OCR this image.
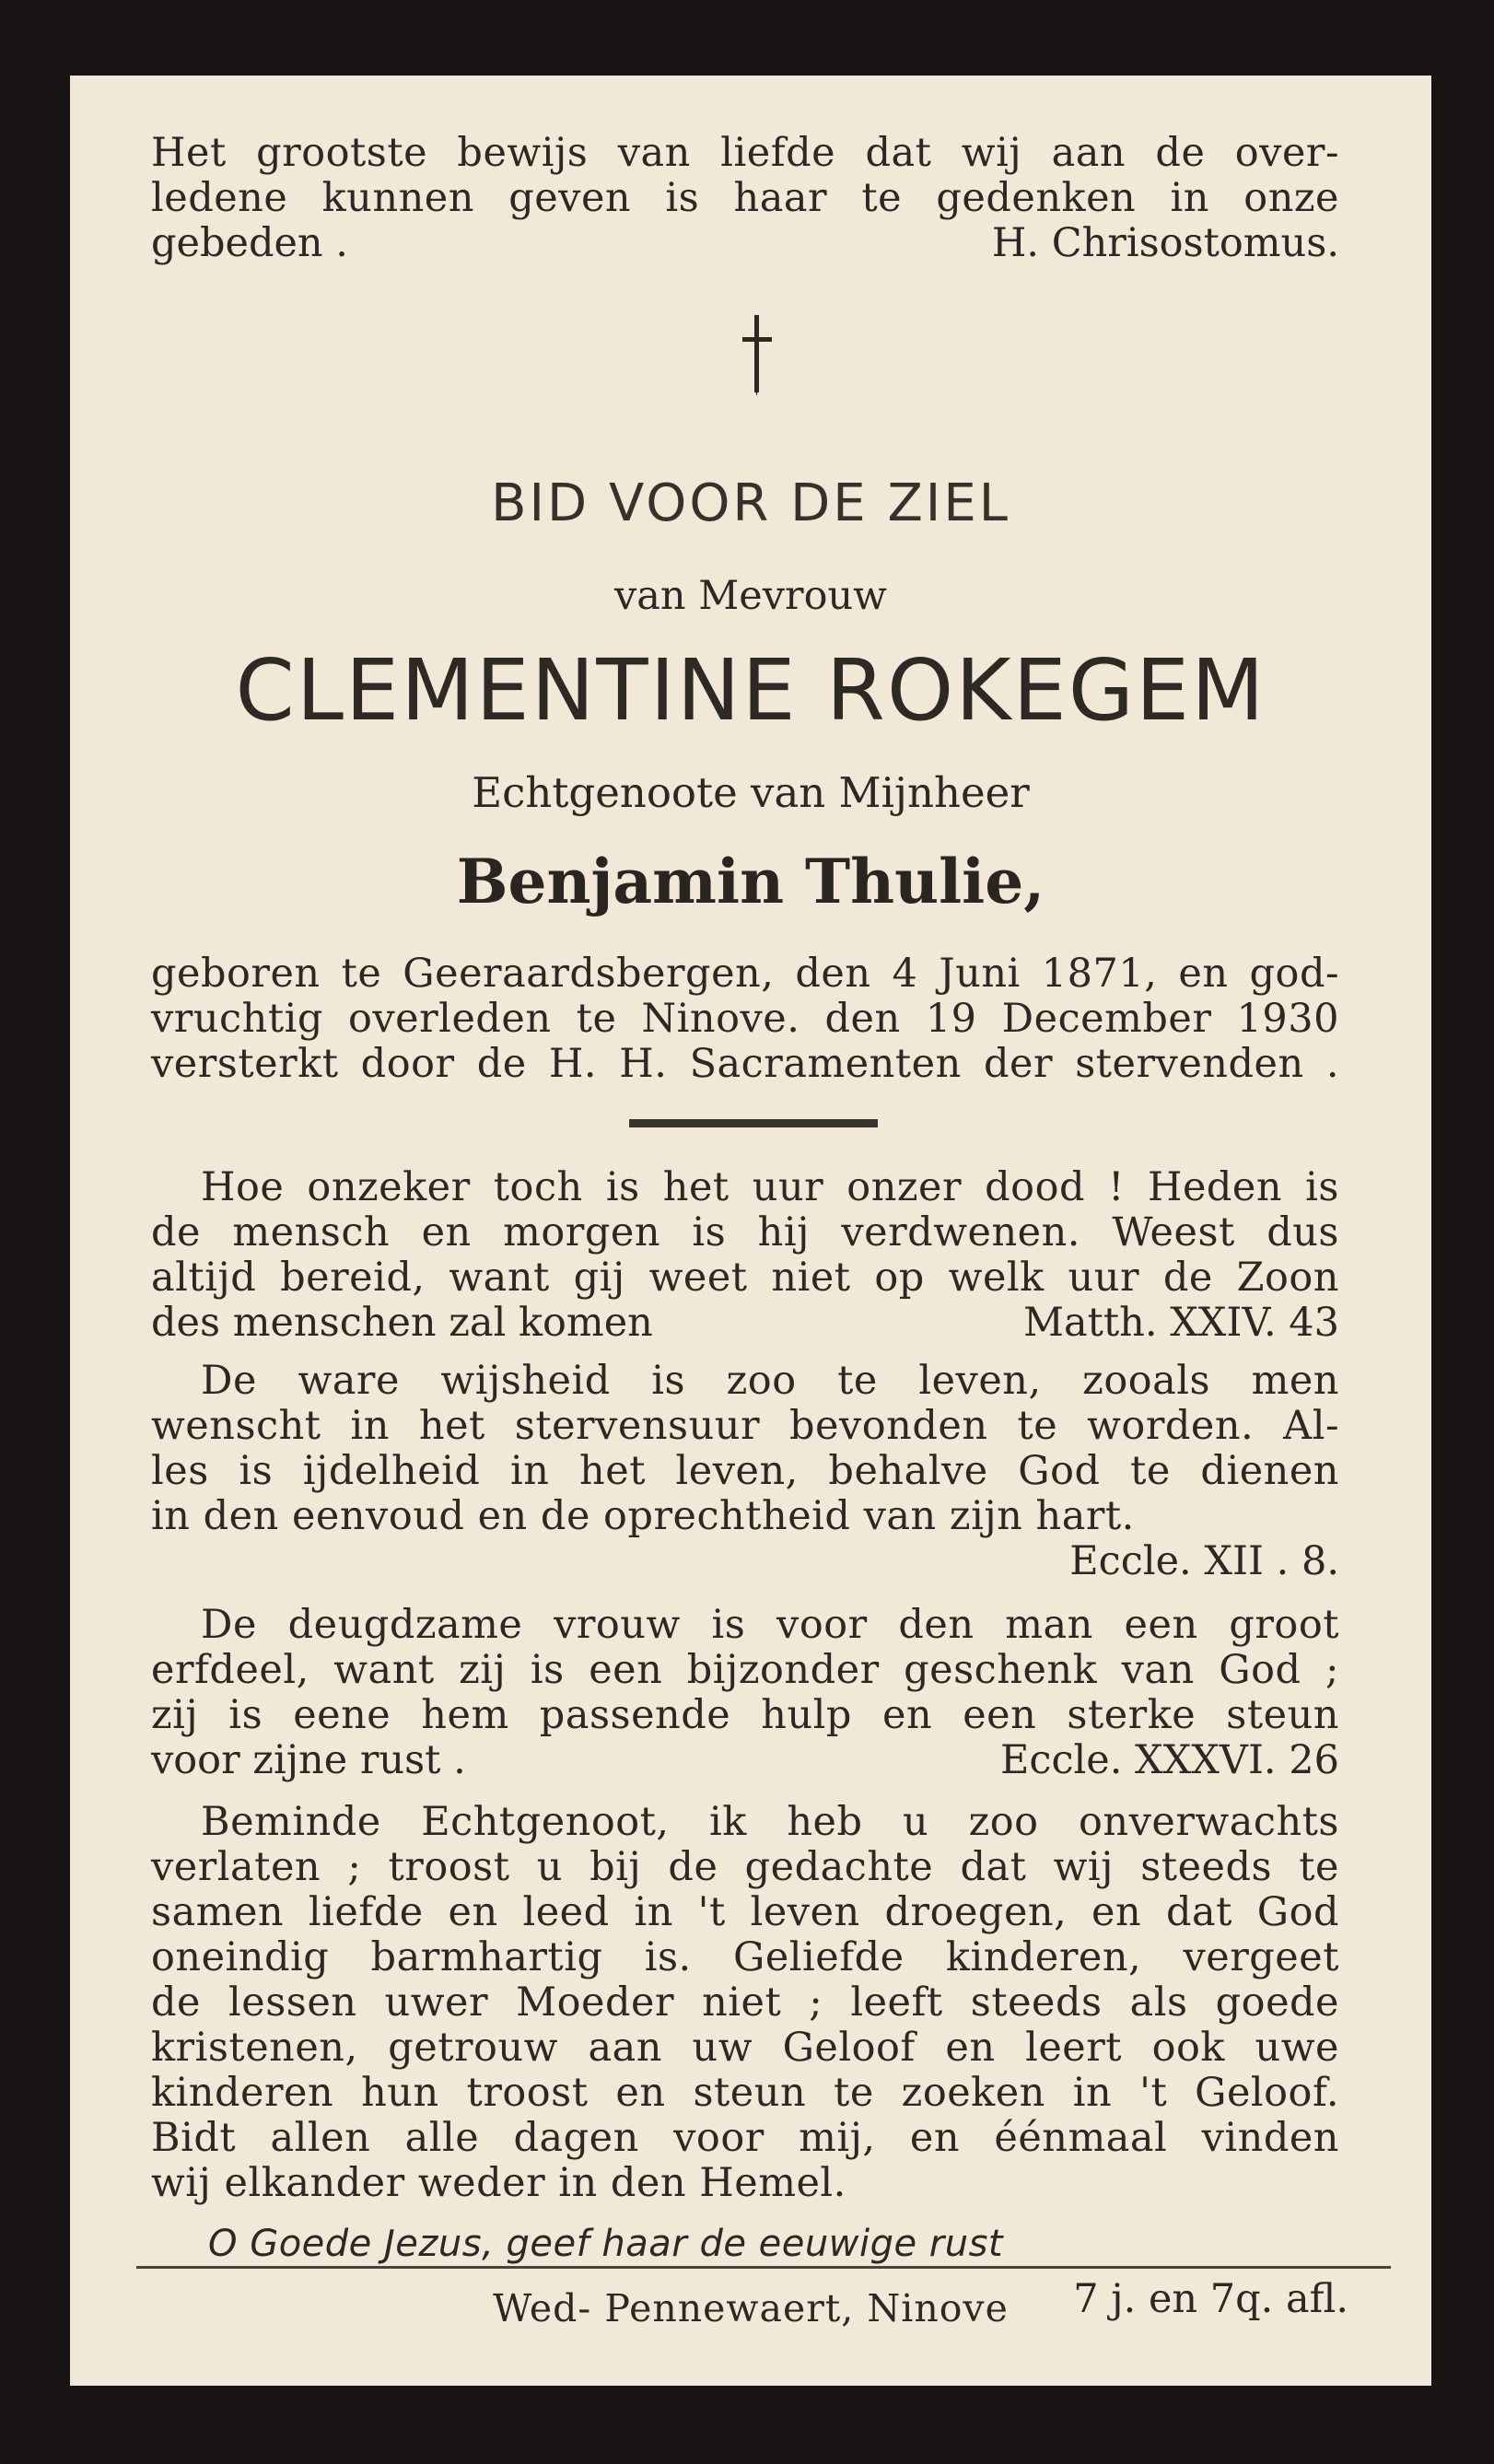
Het grootste bewijs van liefde dat wij aan de over-
ledene kunnen geven is haar te gedenken in onze
gebeden .	H. Chrisostomus.
BID VOOR DE ZIEL
van Mevrouw
CLEMENTINE ROKEGEM
Echtgenoote van Mijnheer
Benjamin Thulie,
geboren te Geeraardsbergen, den 4 Juni 1871, en god-
vruchtig overleden te Ninove. den 19 December 1930
versterkt door de H. H. Sacramenten der stervenden .
Hoe onzeker toch is het uur onzer dood ! Heden is
de mensch en morgen is hij verdwenen. Weest dus
altijd bereid, want gij weet niet op welk uur de Zoon
des menschen zal komen	Matth. XXIV. 43
De ware wijsheid is zoo te leven, zooals men
wenscht in het stervensuur bevonden te worden. Al-
les is ijdelheid in het leven, behalve God te dienen
in den eenvoud en de oprechtheid van zijn hart.
Eccle. XII . 8.
De deugdzame vrouw is voor den man een groot
erfdeel, want zij is een bijzonder geschenk van God ;
zij is eene hem passende hulp en een sterke steun
voor zijne rust .	Eccle. XXXVI. 26
Beminde Echtgenoot, ik heb u zoo onverwachts
verlaten ; troost u bij de gedachte dat wij steeds te
samen liefde en leed in 't leven droegen, en dat God
oneindig barmhartig is. Geliefde kinderen, vergeet
de lessen uwer Moeder niet ; leeft steeds als goede
kristenen, getrouw aan uw Geloof en leert ook uwe
kinderen hun troost en steun te zoeken in 't Geloof.
Bidt allen alle dagen voor mij, en éénmaal vinden
wij elkander weder in den Hemel.
O Goede Jezus, geef haar de eeuwige rust
7 j. en 7q. afl.
Wed- Pennewaert, Ninove
